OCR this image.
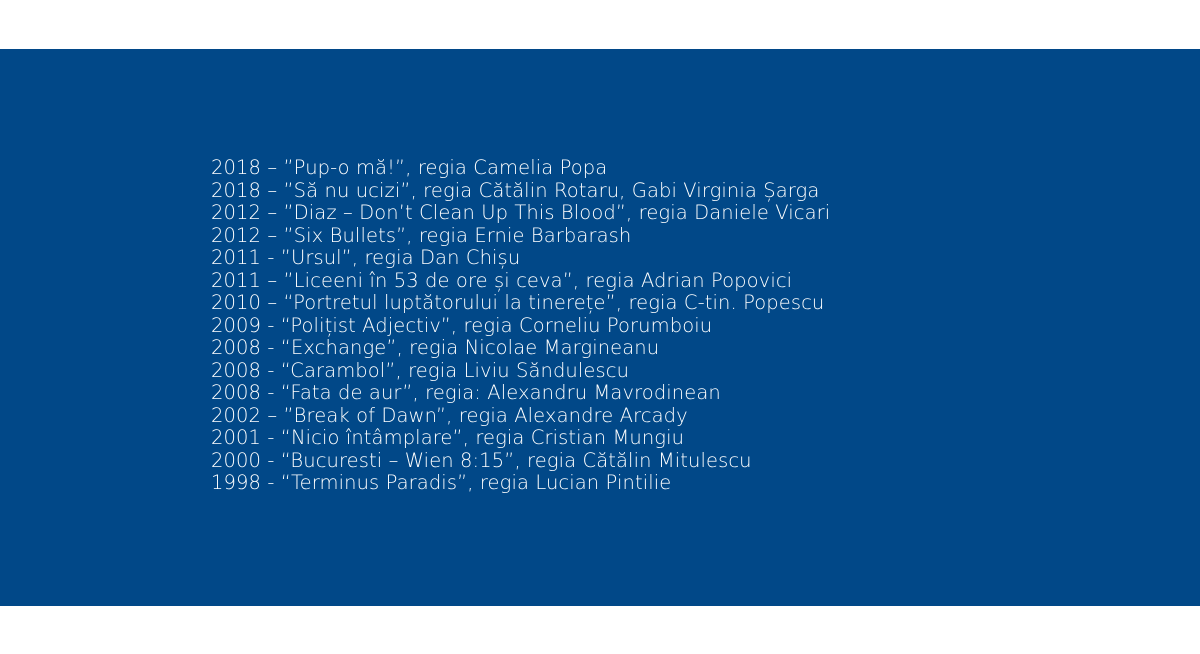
2018 – ”Pup-o mă!”, regia Camelia Popa
2018 – ”Să nu ucizi”, regia Cătălin Rotaru, Gabi Virginia Șarga
2012 – ”Diaz – Don’t Clean Up This Blood”, regia Daniele Vicari
2012 – ”Six Bullets”, regia Ernie Barbarash
2011 - ”Ursul”, regia Dan Chișu
2011 – ”Liceeni în 53 de ore și ceva”, regia Adrian Popovici
2010 – “Portretul luptătorului la tinerețe”, regia C-tin. Popescu
2009 - “Polițist Adjectiv”, regia Corneliu Porumboiu
2008 - “Exchange”, regia Nicolae Margineanu
2008 - “Carambol”, regia Liviu Săndulescu
2008 - “Fata de aur”, regia: Alexandru Mavrodinean
2002 – ”Break of Dawn”, regia Alexandre Arcady
2001 - “Nicio întâmplare”, regia Cristian Mungiu
2000 - “Bucuresti – Wien 8:15”, regia Cătălin Mitulescu
1998 - “Terminus Paradis”, regia Lucian Pintilie
